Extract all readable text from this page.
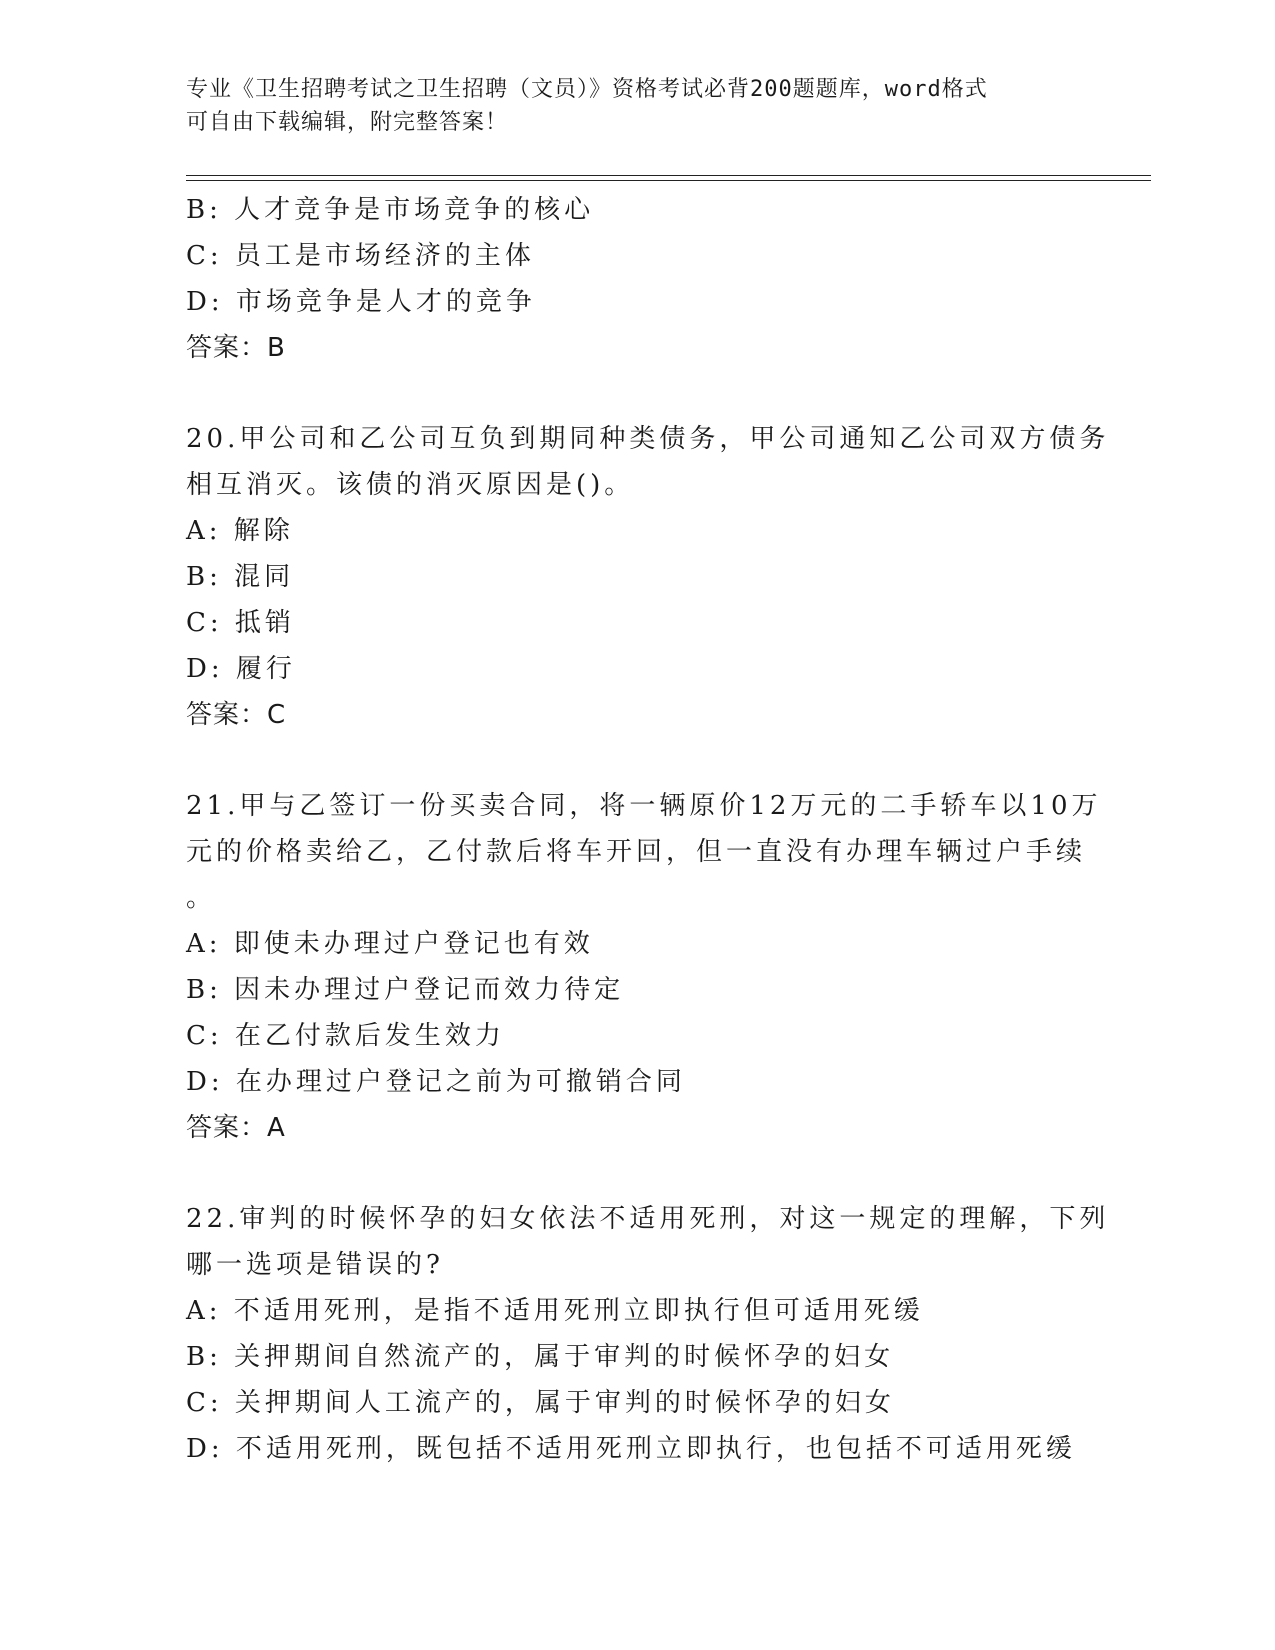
专业《卫生招聘考试之卫生招聘（文员）》资格考试必背200题题库，word格式
可自由下载编辑，附完整答案！
B: 人才竞争是市场竞争的核心
C: 员工是市场经济的主体
D: 市场竞争是人才的竞争
答案：B
20.甲公司和乙公司互负到期同种类债务，甲公司通知乙公司双方债务
相互消灭。该债的消灭原因是()。
A: 解除
B: 混同
C: 抵销
D: 履行
答案：C
21.甲与乙签订一份买卖合同，将一辆原价12万元的二手轿车以10万
元的价格卖给乙，乙付款后将车开回，但一直没有办理车辆过户手续
。
A: 即使未办理过户登记也有效
B: 因未办理过户登记而效力待定
C: 在乙付款后发生效力
D: 在办理过户登记之前为可撤销合同
答案：A
22.审判的时候怀孕的妇女依法不适用死刑，对这一规定的理解，下列
哪一选项是错误的?
A: 不适用死刑，是指不适用死刑立即执行但可适用死缓
B: 关押期间自然流产的，属于审判的时候怀孕的妇女
C: 关押期间人工流产的，属于审判的时候怀孕的妇女
D: 不适用死刑，既包括不适用死刑立即执行，也包括不可适用死缓
